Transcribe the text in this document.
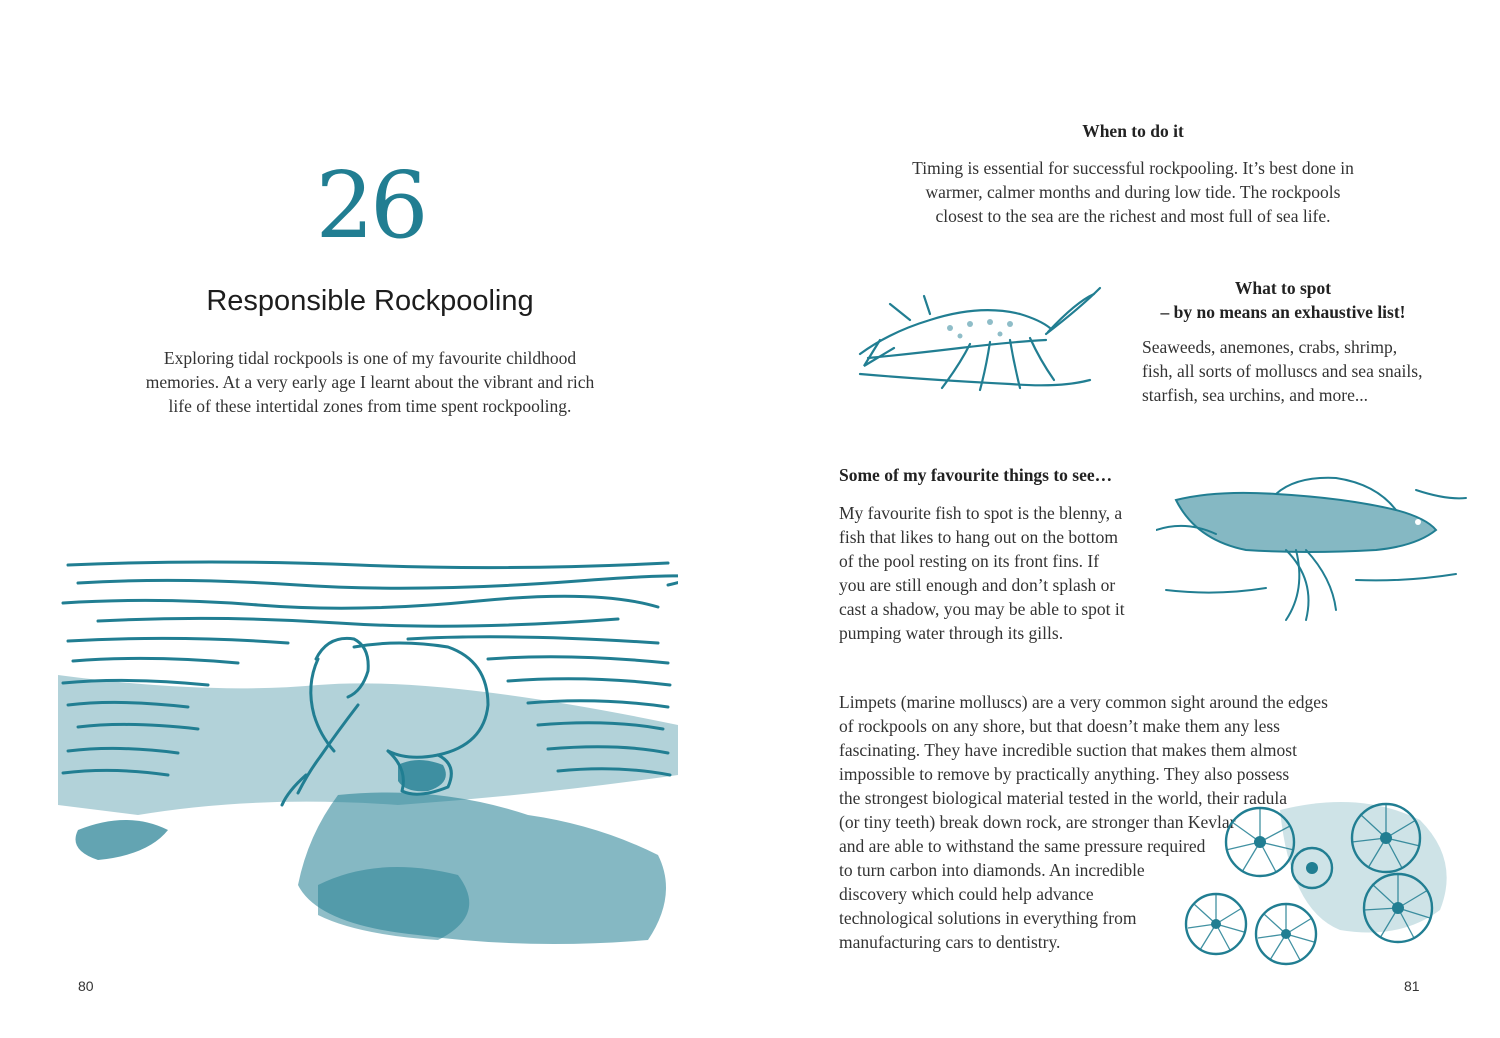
26
Responsible Rockpooling

Exploring tidal rockpools is one of my favourite childhood
memories. At a very early age I learnt about the vibrant and rich
life of these intertidal zones from time spent rockpooling.

80
When to do it

Timing is essential for successful rockpooling. It’s best done in
warmer, calmer months and during low tide. The rockpools
closest to the sea are the richest and most full of sea life.

What to spot
– by no means an exhaustive list!

Seaweeds, anemones, crabs, shrimp,
fish, all sorts of molluscs and sea snails,
starfish, sea urchins, and more...

Some of my favourite things to see…

My favourite fish to spot is the blenny, a
fish that likes to hang out on the bottom
of the pool resting on its front fins. If
you are still enough and don’t splash or
cast a shadow, you may be able to spot it
pumping water through its gills.

Limpets (marine molluscs) are a very common sight around the edges
of rockpools on any shore, but that doesn’t make them any less
fascinating. They have incredible suction that makes them almost
impossible to remove by practically anything. They also possess
the strongest biological material tested in the world, their radula
(or tiny teeth) break down rock, are stronger than Kevlar
and are able to withstand the same pressure required
to turn carbon into diamonds. An incredible
discovery which could help advance
technological solutions in everything from
manufacturing cars to dentistry.

81
